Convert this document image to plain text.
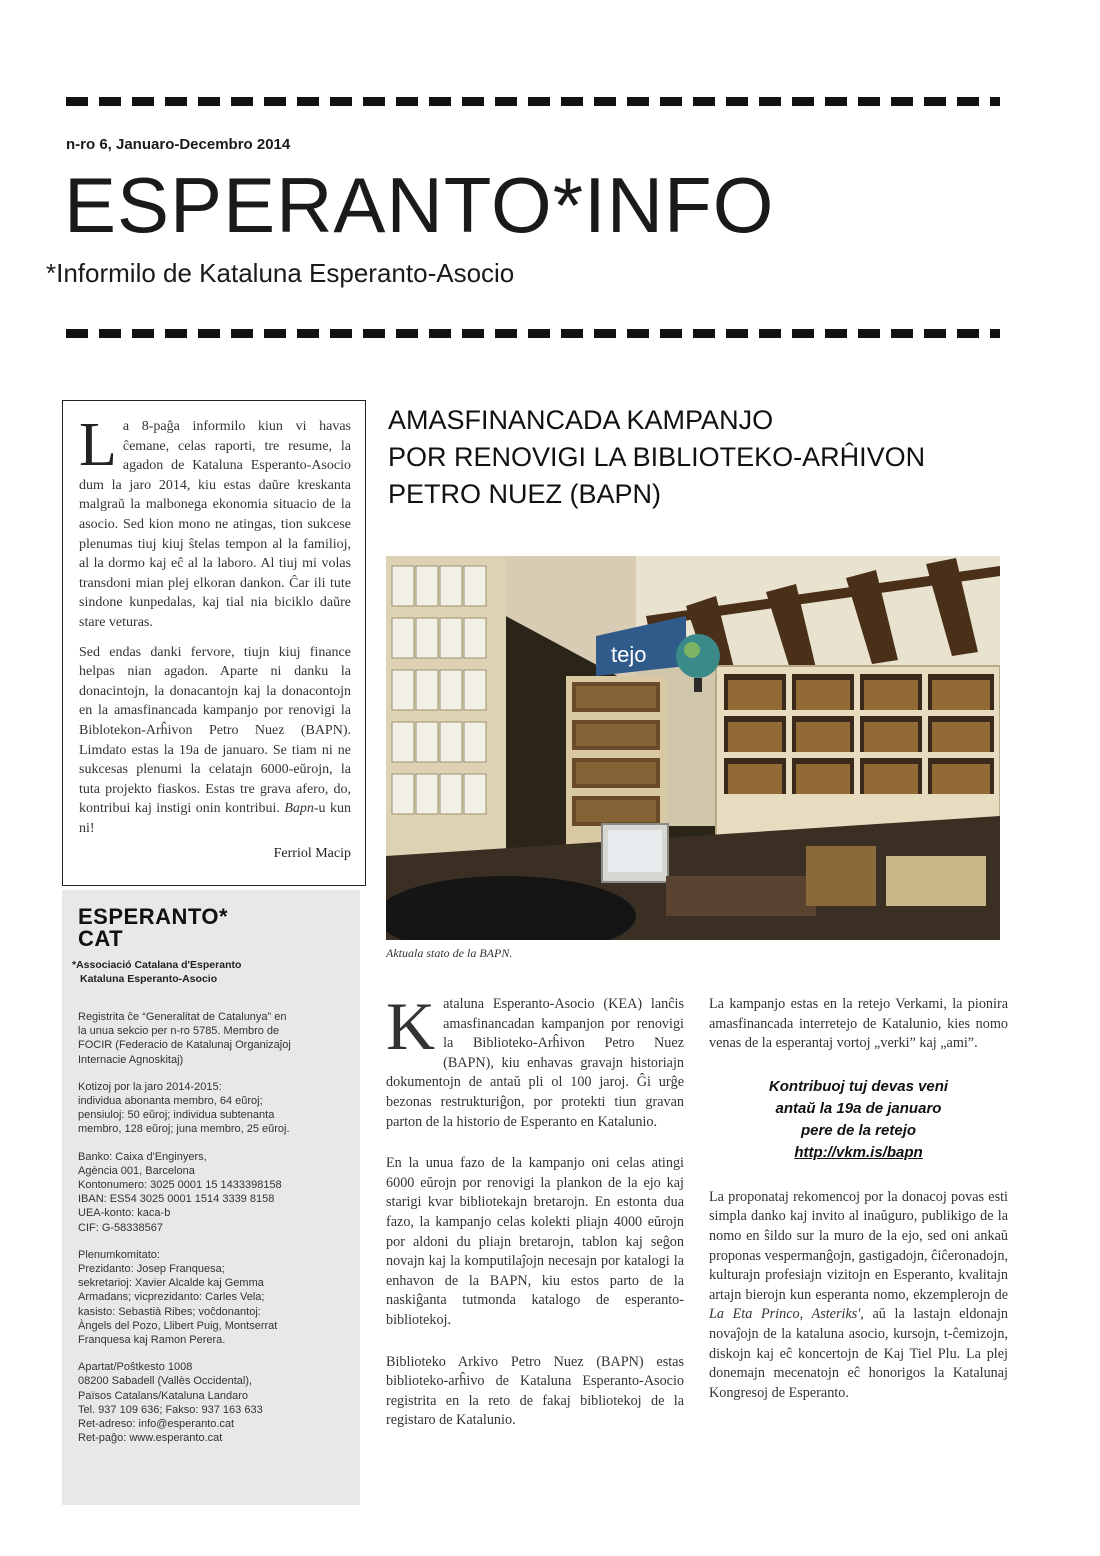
n-ro 6, Januaro-Decembro 2014
ESPERANTO*INFO
*Informilo de Kataluna Esperanto-Asocio

La 8-paĝa informilo kiun vi havas ĉemane, celas raporti, tre resume, la agadon de Kataluna Esperanto-Asocio dum la jaro 2014, kiu estas daŭre kreskanta malgraŭ la malbonega ekonomia situacio de la asocio. Sed kion mono ne atingas, tion sukcese plenumas tiuj kiuj ŝtelas tempon al la familioj, al la dormo kaj eĉ al la laboro. Al tiuj mi volas transdoni mian plej elkoran dankon. Ĉar ili tute sindone kunpedalas, kaj tial nia biciklo daŭre stare veturas.

Sed endas danki fervore, tiujn kiuj finance helpas nian agadon. Aparte ni danku la donacintojn, la donacantojn kaj la donacontojn en la amasfinancada kampanjo por renovigi la Biblotekon-Arĥivon Petro Nuez (BAPN). Limdato estas la 19a de januaro. Se tiam ni ne sukcesas plenumi la celatajn 6000-eŭrojn, la tuta projekto fiaskos. Estas tre grava afero, do, kontribui kaj instigi onin kontribui. Bapn-u kun ni!

Ferriol Macip
ESPERANTO*
CAT
*Associació Catalana d'Esperanto
Kataluna Esperanto-Asocio
Registrita ĉe “Generalitat de Catalunya” en
la unua sekcio per n-ro 5785. Membro de
FOCIR (Federacio de Katalunaj Organizaĵoj
Internacie Agnoskitaj)
Kotizoj por la jaro 2014-2015:
individua abonanta membro, 64 eŭroj;
pensiuloj: 50 eŭroj; individua subtenanta
membro, 128 eŭroj; juna membro, 25 eŭroj.
Banko: Caixa d'Enginyers,
Agència 001, Barcelona
Kontonumero: 3025 0001 15 1433398158
IBAN: ES54 3025 0001 1514 3339 8158
UEA-konto: kaca-b
CIF: G-58338567
Plenumkomitato:
Prezidanto: Josep Franquesa;
sekretarioj: Xavier Alcalde kaj Gemma
Armadans; vicprezidanto: Carles Vela;
kasisto: Sebastià Ribes; voĉdonantoj:
Àngels del Pozo, Llibert Puig, Montserrat
Franquesa kaj Ramon Perera.
Apartat/Poŝtkesto 1008
08200 Sabadell (Vallès Occidental),
Països Catalans/Kataluna Landaro
Tel. 937 109 636; Fakso: 937 163 633
Ret-adreso: info@esperanto.cat
Ret-paĝo: www.esperanto.cat
AMASFINANCADA KAMPANJO
POR RENOVIGI LA BIBLIOTEKO-ARĤIVON
PETRO NUEZ (BAPN)
tejo
Aktuala stato de la BAPN.

Kataluna Esperanto-Asocio (KEA) lanĉis amasfinancadan kampanjon por renovigi la Biblioteko-Arĥivon Petro Nuez (BAPN), kiu enhavas gravajn historiajn dokumentojn de antaŭ pli ol 100 jaroj. Ĝi urĝe bezonas restrukturiĝon, por protekti tiun gravan parton de la historio de Esperanto en Katalunio.

En la unua fazo de la kampanjo oni celas atingi 6000 eŭrojn por renovigi la plankon de la ejo kaj starigi kvar bibliotekajn bretarojn. En estonta dua fazo, la kampanjo celas kolekti pliajn 4000 eŭrojn por aldoni du pliajn bretarojn, tablon kaj seĝon novajn kaj la komputilaĵojn necesajn por katalogi la enhavon de la BAPN, kiu estos parto de la naskiĝanta tutmonda katalogo de esperanto-bibliotekoj.

Biblioteko Arkivo Petro Nuez (BAPN) estas biblioteko-arĥivo de Kataluna Esperanto-Asocio registrita en la reto de fakaj bibliotekoj de la registaro de Katalunio.

La kampanjo estas en la retejo Verkami, la pionira amasfinancada interretejo de Katalunio, kies nomo venas de la esperantaj vortoj „verki” kaj „ami”.

Kontribuoj tuj devas veni
antaŭ la 19a de januaro
pere de la retejo
http://vkm.is/bapn

La proponataj rekomencoj por la donacoj povas esti simpla danko kaj invito al inaŭguro, publikigo de la nomo en ŝildo sur la muro de la ejo, sed oni ankaŭ proponas vespermanĝojn, gastigadojn, ĉiĉeronadojn, kulturajn profesiajn vizitojn en Esperanto, kvalitajn artajn bierojn kun esperanta nomo, ekzemplerojn de La Eta Princo, Asteriks', aŭ la lastajn eldonajn novaĵojn de la kataluna asocio, kursojn, t-ĉemizojn, diskojn kaj eĉ koncertojn de Kaj Tiel Plu. La plej donemajn mecenatojn eĉ honorigos la Katalunaj Kongresoj de Esperanto.
